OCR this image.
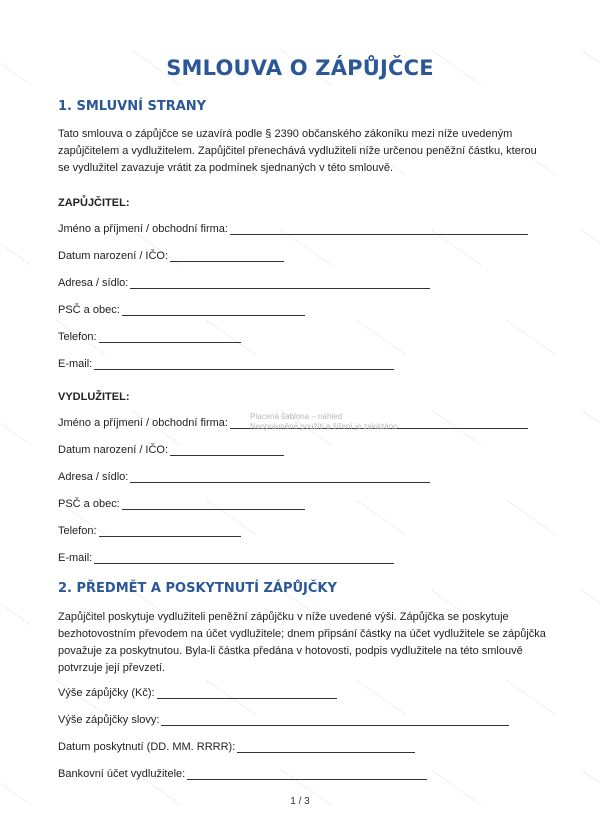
SMLOUVA O ZÁPŮJČCE
1. SMLUVNÍ STRANY
Tato smlouva o zápůjčce se uzavírá podle § 2390 občanského zákoníku mezi níže uvedeným zapůjčitelem a vydlužitelem. Zapůjčitel přenechává vydlužiteli níže určenou peněžní částku, kterou se vydlužitel zavazuje vrátit za podmínek sjednaných v této smlouvě.
ZAPŮJČITEL:
Jméno a příjmení / obchodní firma:
Datum narození / IČO:
Adresa / sídlo:
PSČ a obec:
Telefon:
E-mail:
VYDLUŽITEL:
Jméno a příjmení / obchodní firma:
Datum narození / IČO:
Adresa / sídlo:
PSČ a obec:
Telefon:
E-mail:
2. PŘEDMĚT A POSKYTNUTÍ ZÁPŮJČKY
Zapůjčitel poskytuje vydlužiteli peněžní zápůjčku v níže uvedené výši. Zápůjčka se poskytuje bezhotovostním převodem na účet vydlužitele; dnem připsání částky na účet vydlužitele se zápůjčka považuje za poskytnutou. Byla-li částka předána v hotovosti, podpis vydlužitele na této smlouvě potvrzuje její převzetí.
Výše zápůjčky (Kč):
Výše zápůjčky slovy:
Datum poskytnutí (DD. MM. RRRR):
Bankovní účet vydlužitele:
Placená šablona – náhled
Neoprávněné použití a šíření je zakázáno
1 / 3
